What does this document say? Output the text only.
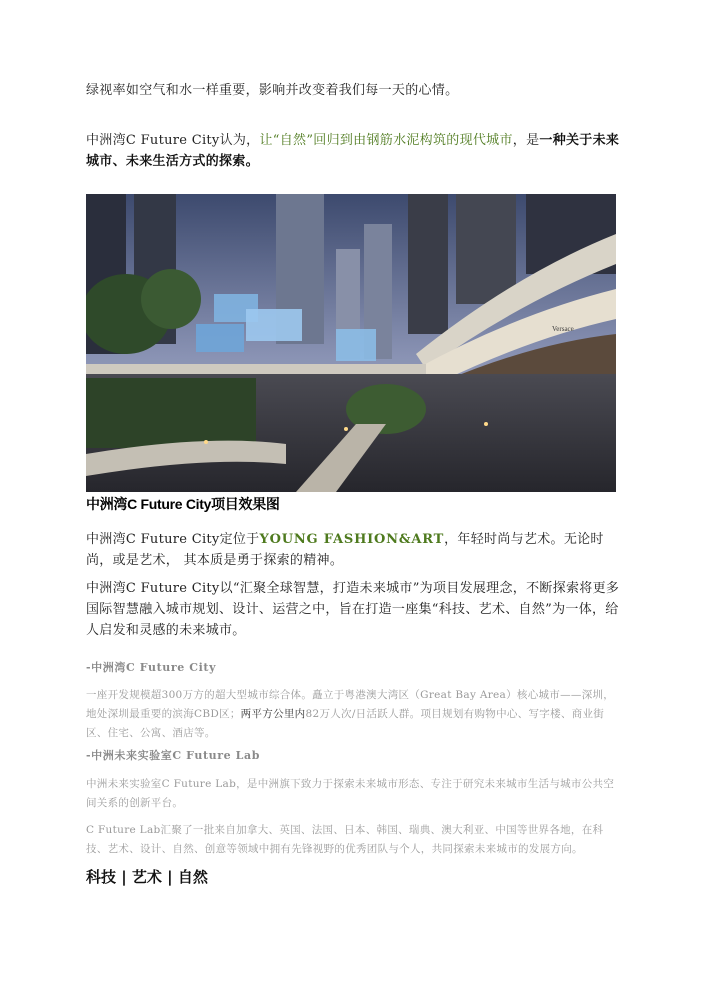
绿视率如空气和水一样重要，影响并改变着我们每一天的心情。

中洲湾C Future City认为，让“自然”回归到由钢筋水泥构筑的现代城市，是一种关于未来城市、未来生活方式的探索。

Versace
中洲湾C Future City项目效果图

中洲湾C Future City定位于YOUNG FASHION&ART，年轻时尚与艺术。无论时尚，或是艺术， 其本质是勇于探索的精神。

中洲湾C Future City以“汇聚全球智慧，打造未来城市”为项目发展理念，不断探索将更多国际智慧融入城市规划、设计、运营之中，旨在打造一座集“科技、艺术、自然”为一体，给人启发和灵感的未来城市。

-中洲湾C Future City

一座开发规模超300万方的超大型城市综合体。矗立于粤港澳大湾区（Great Bay Area）核心城市——深圳，地处深圳最重要的滨海CBD区；两平方公里内82万人次/日活跃人群。项目规划有购物中心、写字楼、商业街区、住宅、公寓、酒店等。

-中洲未来实验室C Future Lab

中洲未来实验室C Future Lab，是中洲旗下致力于探索未来城市形态、专注于研究未来城市生活与城市公共空间关系的创新平台。

C Future Lab汇聚了一批来自加拿大、英国、法国、日本、韩国、瑞典、澳大利亚、中国等世界各地，在科技、艺术、设计、自然、创意等领域中拥有先锋视野的优秀团队与个人，共同探索未来城市的发展方向。

科技 | 艺术 | 自然
